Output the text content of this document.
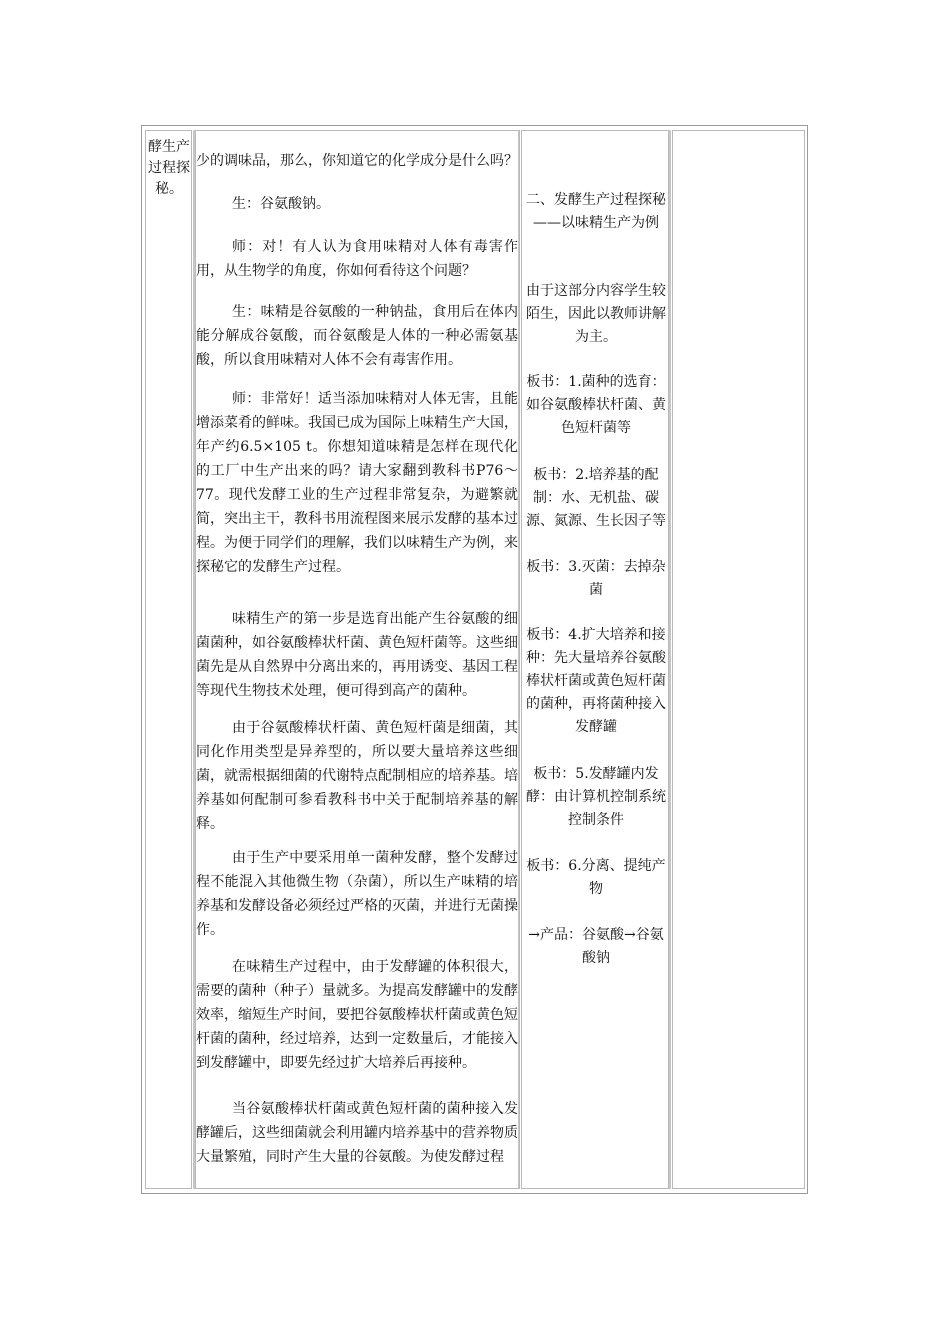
酵生产过程探秘。

少的调味品，那么，你知道它的化学成分是什么吗？

生：谷氨酸钠。

师：对！有人认为食用味精对人体有毒害作用，从生物学的角度，你如何看待这个问题？

生：味精是谷氨酸的一种钠盐，食用后在体内能分解成谷氨酸，而谷氨酸是人体的一种必需氨基酸，所以食用味精对人体不会有毒害作用。

师：非常好！适当添加味精对人体无害，且能增添菜肴的鲜味。我国已成为国际上味精生产大国，年产约6.5×105 t。你想知道味精是怎样在现代化的工厂中生产出来的吗？请大家翻到教科书P76～77。现代发酵工业的生产过程非常复杂，为避繁就简，突出主干，教科书用流程图来展示发酵的基本过程。为便于同学们的理解，我们以味精生产为例，来探秘它的发酵生产过程。

味精生产的第一步是选育出能产生谷氨酸的细菌菌种，如谷氨酸棒状杆菌、黄色短杆菌等。这些细菌先是从自然界中分离出来的，再用诱变、基因工程等现代生物技术处理，便可得到高产的菌种。

由于谷氨酸棒状杆菌、黄色短杆菌是细菌，其同化作用类型是异养型的，所以要大量培养这些细菌，就需根据细菌的代谢特点配制相应的培养基。培养基如何配制可参看教科书中关于配制培养基的解释。

由于生产中要采用单一菌种发酵，整个发酵过程不能混入其他微生物（杂菌），所以生产味精的培养基和发酵设备必须经过严格的灭菌，并进行无菌操作。

在味精生产过程中，由于发酵罐的体积很大，需要的菌种（种子）量就多。为提高发酵罐中的发酵效率，缩短生产时间，要把谷氨酸棒状杆菌或黄色短杆菌的菌种，经过培养，达到一定数量后，才能接入到发酵罐中，即要先经过扩大培养后再接种。

当谷氨酸棒状杆菌或黄色短杆菌的菌种接入发酵罐后，这些细菌就会利用罐内培养基中的营养物质大量繁殖，同时产生大量的谷氨酸。为使发酵过程

二、发酵生产过程探秘——以味精生产为例

由于这部分内容学生较陌生，因此以教师讲解为主。

板书：1.菌种的选育：如谷氨酸棒状杆菌、黄色短杆菌等

板书：2.培养基的配制：水、无机盐、碳源、氮源、生长因子等

板书：3.灭菌：去掉杂菌

板书：4.扩大培养和接种：先大量培养谷氨酸棒状杆菌或黄色短杆菌的菌种，再将菌种接入发酵罐

板书：5.发酵罐内发酵：由计算机控制系统控制条件

板书：6.分离、提纯产物

→产品：谷氨酸→谷氨酸钠
